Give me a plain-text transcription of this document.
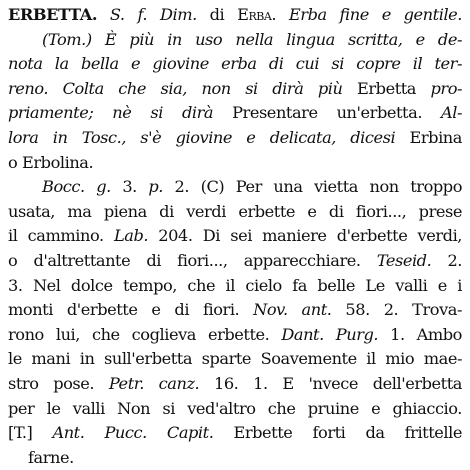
ERBETTA. S. f. Dim. di Erba. Erba fine e gentile.
(Tom.) È più in uso nella lingua scritta, e de-
nota la bella e giovine erba di cui si copre il ter-
reno. Colta che sia, non si dirà più Erbetta pro-
priamente; nè si dirà Presentare un'erbetta. Al-
lora in Tosc., s'è giovine e delicata, dicesi Erbina
o Erbolina.
Bocc. g. 3. p. 2. (C) Per una vietta non troppo
usata, ma piena di verdi erbette e di fiori..., prese
il cammino. Lab. 204. Di sei maniere d'erbette verdi,
o d'altrettante di fiori..., apparecchiare. Teseid. 2.
3. Nel dolce tempo, che il cielo fa belle Le valli e i
monti d'erbette e di fiori. Nov. ant. 58. 2. Trova-
rono lui, che coglieva erbette. Dant. Purg. 1. Ambo
le mani in sull'erbetta sparte Soavemente il mio mae-
stro pose. Petr. canz. 16. 1. E 'nvece dell'erbetta
per le valli Non si ved'altro che pruine e ghiaccio.
[T.] Ant. Pucc. Capit. Erbette forti da frittelle
farne.
